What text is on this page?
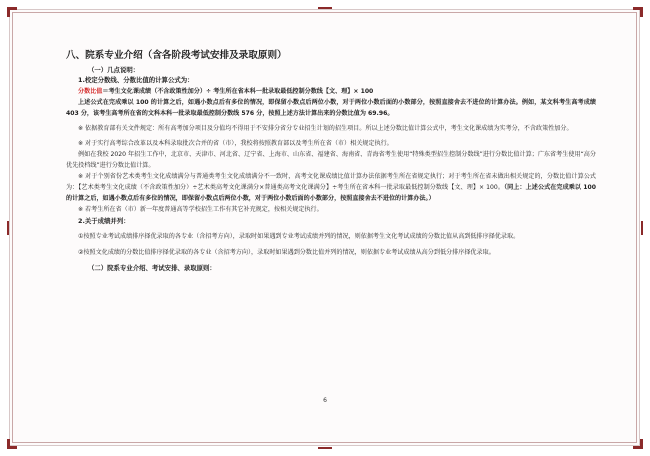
八、院系专业介绍（含各阶段考试安排及录取原则）
（一）几点说明：
1.校定分数线、分数比值的计算公式为：

分数比值＝考生文化课成绩（不含政策性加分）÷ 考生所在省本科一批录取最低控制分数线【文、理】× 100

上述公式在完成乘以 100 的计算之后，如遇小数点后有多位的情况，即保留小数点后两位小数，对于两位小数后面的小数部分，按照直接舍去不进位的计算办法。例如，某文科考生高考成绩 403 分，该考生高考所在省的文科本科一批录取最低控制分数线 576 分，按照上述方法计算出来的分数比值为 69.96。

※ 依据教育部有关文件规定：所有高考加分项目及分值均不得用于不安排分省分专业招生计划的招生项目。所以上述分数比值计算公式中，考生文化课成绩为实考分，不含政策性加分。

※ 对于实行高考综合改革以及本科录取批次合并的省（市），我校将按照教育部以及考生所在省（市）相关规定执行。

例如在我校 2020 年招生工作中，北京市、天津市、河北省、辽宁省、上海市、山东省、福建省、海南省、青海省考生使用“特殊类型招生控制分数线”进行分数比值计算；广东省考生使用“高分优先投档线”进行分数比值计算。

※ 对于个别省份艺术类考生文化成绩满分与普通类考生文化成绩满分不一致时，高考文化课成绩比值计算办法依据考生所在省规定执行；对于考生所在省未做出相关规定的，分数比值计算公式为：【艺术类考生文化成绩（不含政策性加分）÷艺术类高考文化课满分×普通类高考文化课满分】÷考生所在省本科一批录取最低控制分数线【文、理】× 100。（同上：上述公式在完成乘以 100 的计算之后，如遇小数点后有多位的情况，即保留小数点后两位小数，对于两位小数后面的小数部分，按照直接舍去不进位的计算办法。）

※ 若考生所在省（市）新一年度普通高等学校招生工作有其它补充规定，按相关规定执行。

2.关于成绩并列：

①按照专业考试成绩排序择优录取的各专业（含招考方向），录取时如果遇到专业考试成绩并列的情况，则依据考生文化考试成绩的分数比值从高到低排序择优录取。

②按照文化成绩的分数比值排序择优录取的各专业（含招考方向），录取时如果遇到分数比值并列的情况，则依据专业考试成绩从高分到低分排序择优录取。

（二）院系专业介绍、考试安排、录取原则：
6
